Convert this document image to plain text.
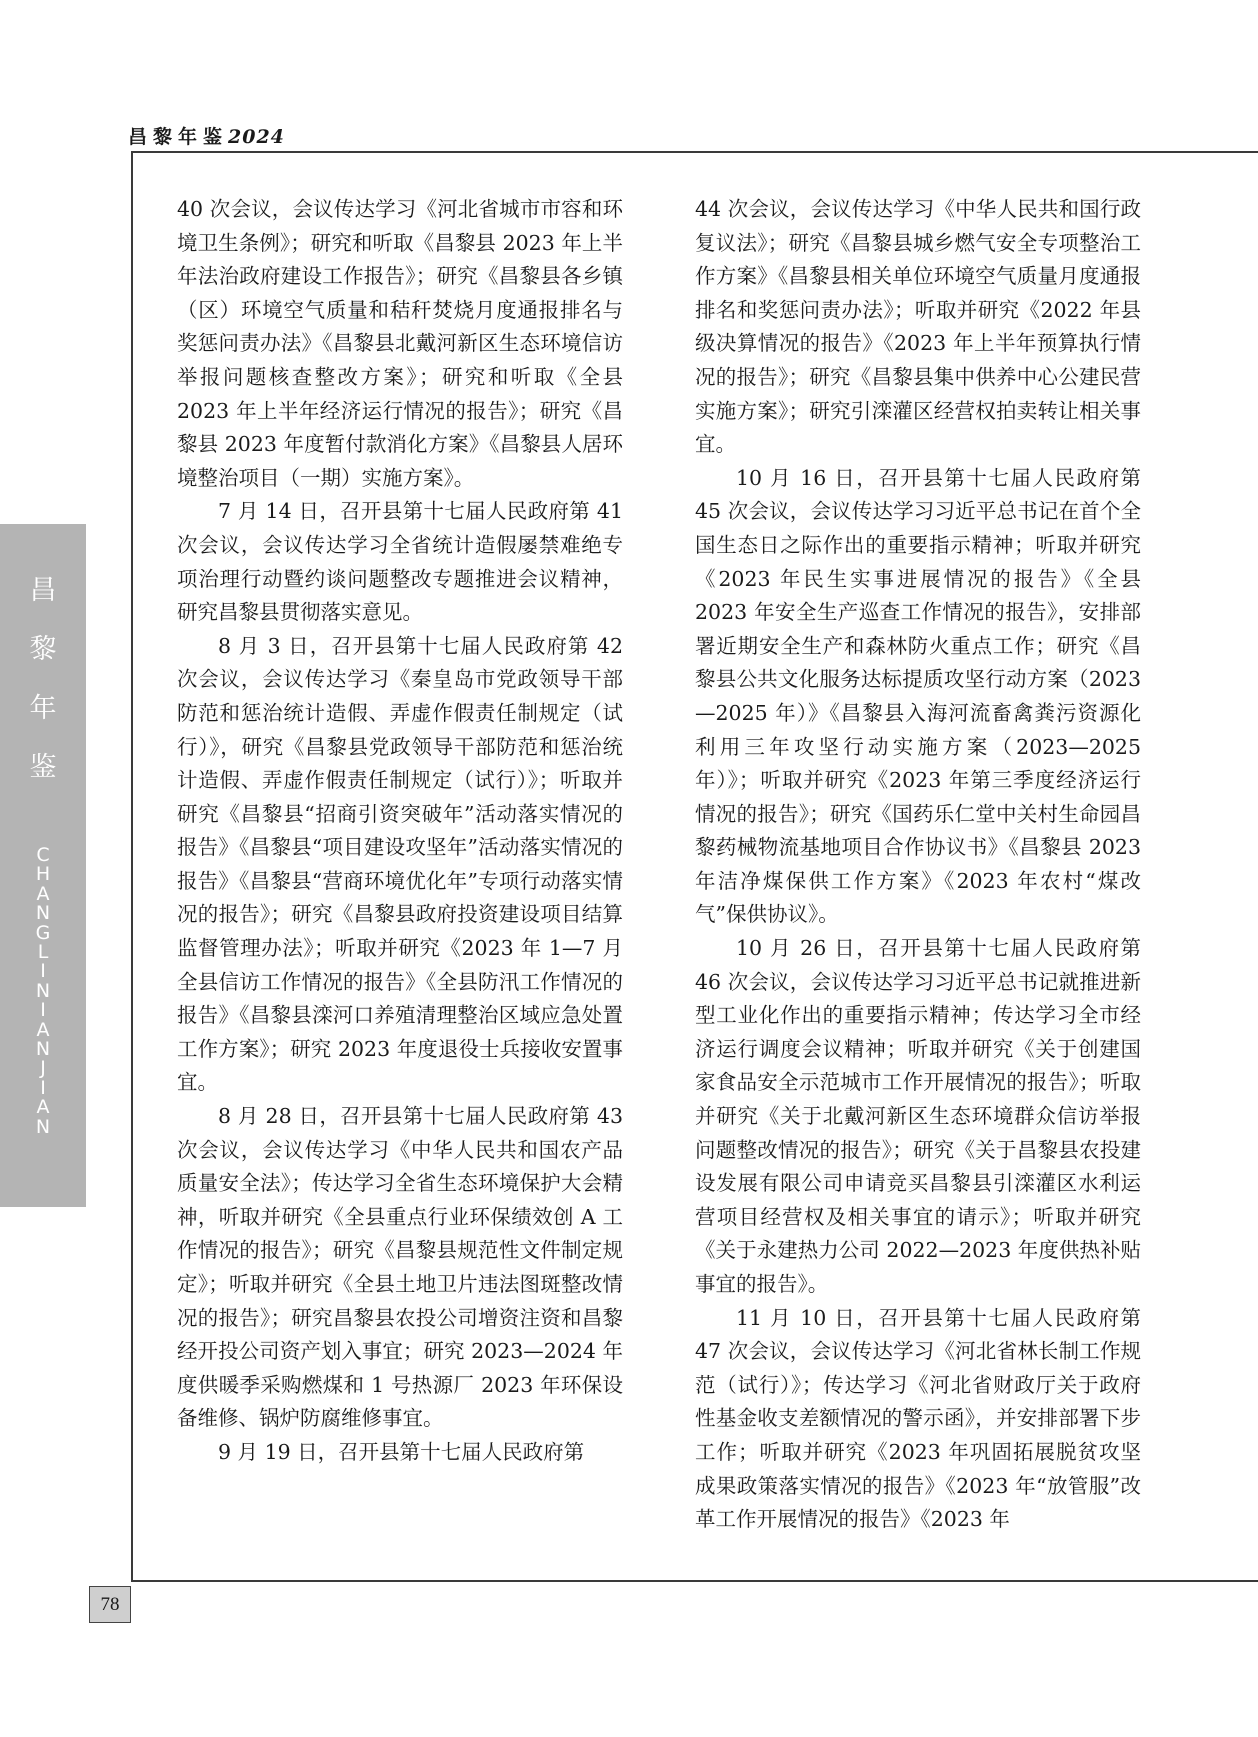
昌黎年鉴2024
昌
黎
年
鉴
C
H
A
N
G
L
I
N
I
A
N
J
I
A
N

40 次会议，会议传达学习《河北省城市市容和环境卫生条例》；研究和听取《昌黎县 2023 年上半年法治政府建设工作报告》；研究《昌黎县各乡镇（区）环境空气质量和秸秆焚烧月度通报排名与奖惩问责办法》《昌黎县北戴河新区生态环境信访举报问题核查整改方案》；研究和听取《全县 2023 年上半年经济运行情况的报告》；研究《昌黎县 2023 年度暂付款消化方案》《昌黎县人居环境整治项目（一期）实施方案》。

7 月 14 日，召开县第十七届人民政府第 41 次会议，会议传达学习全省统计造假屡禁难绝专项治理行动暨约谈问题整改专题推进会议精神，研究昌黎县贯彻落实意见。

8 月 3 日，召开县第十七届人民政府第 42 次会议，会议传达学习《秦皇岛市党政领导干部防范和惩治统计造假、弄虚作假责任制规定（试行）》，研究《昌黎县党政领导干部防范和惩治统计造假、弄虚作假责任制规定（试行）》；听取并研究《昌黎县“招商引资突破年”活动落实情况的报告》《昌黎县“项目建设攻坚年”活动落实情况的报告》《昌黎县“营商环境优化年”专项行动落实情况的报告》；研究《昌黎县政府投资建设项目结算监督管理办法》；听取并研究《2023 年 1—7 月全县信访工作情况的报告》《全县防汛工作情况的报告》《昌黎县滦河口养殖清理整治区域应急处置工作方案》；研究 2023 年度退役士兵接收安置事宜。

8 月 28 日，召开县第十七届人民政府第 43 次会议，会议传达学习《中华人民共和国农产品质量安全法》；传达学习全省生态环境保护大会精神，听取并研究《全县重点行业环保绩效创 A 工作情况的报告》；研究《昌黎县规范性文件制定规定》；听取并研究《全县土地卫片违法图斑整改情况的报告》；研究昌黎县农投公司增资注资和昌黎经开投公司资产划入事宜；研究 2023—2024 年度供暖季采购燃煤和 1 号热源厂 2023 年环保设备维修、锅炉防腐维修事宜。

9 月 19 日，召开县第十七届人民政府第

44 次会议，会议传达学习《中华人民共和国行政复议法》；研究《昌黎县城乡燃气安全专项整治工作方案》《昌黎县相关单位环境空气质量月度通报排名和奖惩问责办法》；听取并研究《2022 年县级决算情况的报告》《2023 年上半年预算执行情况的报告》；研究《昌黎县集中供养中心公建民营实施方案》；研究引滦灌区经营权拍卖转让相关事宜。

10 月 16 日，召开县第十七届人民政府第 45 次会议，会议传达学习习近平总书记在首个全国生态日之际作出的重要指示精神；听取并研究《2023 年民生实事进展情况的报告》《全县 2023 年安全生产巡查工作情况的报告》，安排部署近期安全生产和森林防火重点工作；研究《昌黎县公共文化服务达标提质攻坚行动方案（2023—2025 年）》《昌黎县入海河流畜禽粪污资源化利用三年攻坚行动实施方案（2023—2025 年）》；听取并研究《2023 年第三季度经济运行情况的报告》；研究《国药乐仁堂中关村生命园昌黎药械物流基地项目合作协议书》《昌黎县 2023 年洁净煤保供工作方案》《2023 年农村“煤改气”保供协议》。

10 月 26 日，召开县第十七届人民政府第 46 次会议，会议传达学习习近平总书记就推进新型工业化作出的重要指示精神；传达学习全市经济运行调度会议精神；听取并研究《关于创建国家食品安全示范城市工作开展情况的报告》；听取并研究《关于北戴河新区生态环境群众信访举报问题整改情况的报告》；研究《关于昌黎县农投建设发展有限公司申请竞买昌黎县引滦灌区水利运营项目经营权及相关事宜的请示》；听取并研究《关于永建热力公司 2022—2023 年度供热补贴事宜的报告》。

11 月 10 日，召开县第十七届人民政府第 47 次会议，会议传达学习《河北省林长制工作规范（试行）》；传达学习《河北省财政厅关于政府性基金收支差额情况的警示函》，并安排部署下步工作；听取并研究《2023 年巩固拓展脱贫攻坚成果政策落实情况的报告》《2023 年“放管服”改革工作开展情况的报告》《2023 年

78
